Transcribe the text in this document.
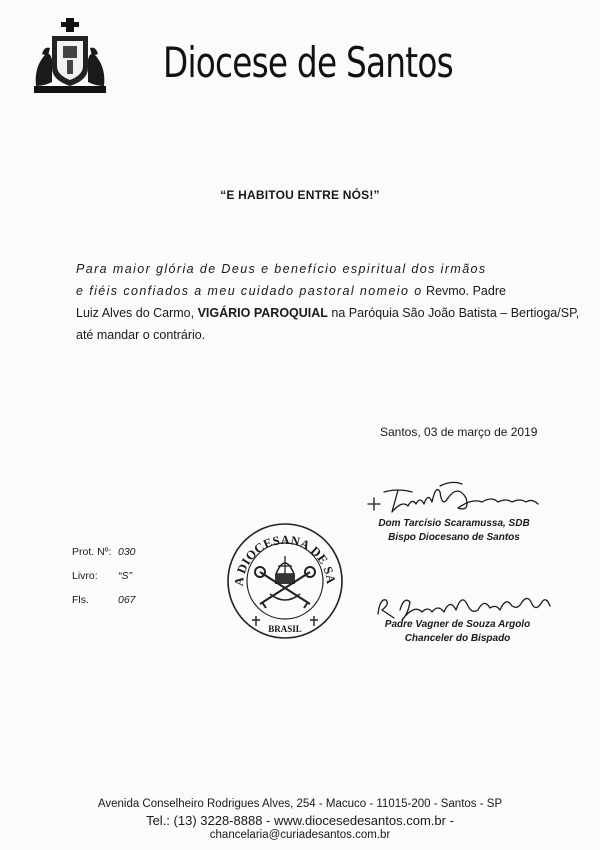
Diocese de Santos
“E HABITOU ENTRE NÓS!”
Para maior glória de Deus e benefício espiritual dos irmãos
e fiéis confiados a meu cuidado pastoral nomeio o Revmo. Padre
Luiz Alves do Carmo, VIGÁRIO PAROQUIAL na Paróquia São João Batista – Bertioga/SP,
até mandar o contrário.
Santos, 03 de março de 2019
Dom Tarcísio Scaramussa, SDB
Bispo Diocesano de Santos
Padre Vagner de Souza Argolo
Chanceler do Bispado
Prot. Nº: 030
Livro: “S”
Fls.	067
A DIOCESANA DE SA
BRASIL
Avenida Conselheiro Rodrigues Alves, 254 - Macuco - 11015-200 - Santos - SP
Tel.: (13) 3228-8888 - www.diocesedesantos.com.br -
chancelaria@curiadesantos.com.br
